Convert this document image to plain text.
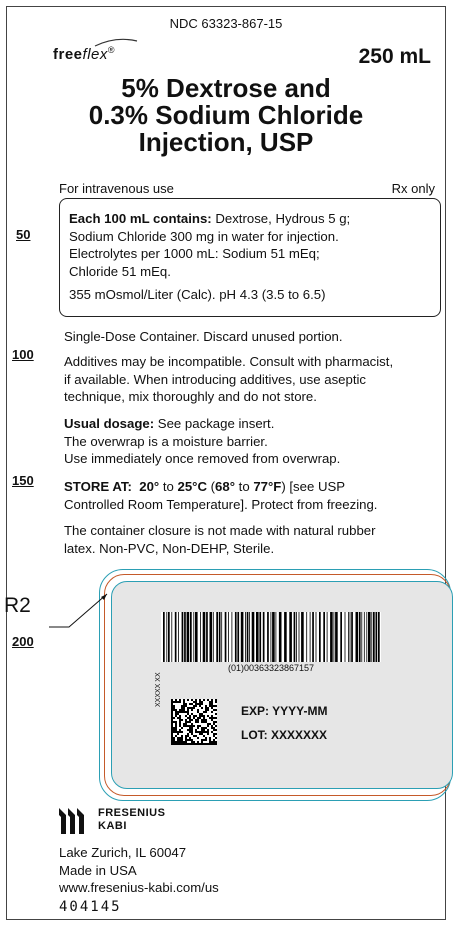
NDC 63323-867-15
freeflex®	250 mL
5% Dextrose and
0.3% Sodium Chloride
Injection, USP
For intravenous use	Rx only
50
100
150
200

Each 100 mL contains: Dextrose, Hydrous 5 g;

Sodium Chloride 300 mg in water for injection.

Electrolytes per 1000 mL: Sodium 51 mEq;

Chloride 51 mEq.

355 mOsmol/Liter (Calc). pH 4.3 (3.5 to 6.5)

Single-Dose Container. Discard unused portion.

Additives may be incompatible. Consult with pharmacist,

if available. When introducing additives, use aseptic

technique, mix thoroughly and do not store.

Usual dosage: See package insert.

The overwrap is a moisture barrier.

Use immediately once removed from overwrap.

STORE AT: 20° to 25°C (68° to 77°F) [see USP

Controlled Room Temperature]. Protect from freezing.

The container closure is not made with natural rubber

latex. Non-PVC, Non-DEHP, Sterile.

(01)00363323867157
XXXXX XX
EXP: YYYY-MM
LOT: XXXXXXX
FRESENIUS
KABI

Lake Zurich, IL 60047

Made in USA

www.fresenius-kabi.com/us

404145
R2
